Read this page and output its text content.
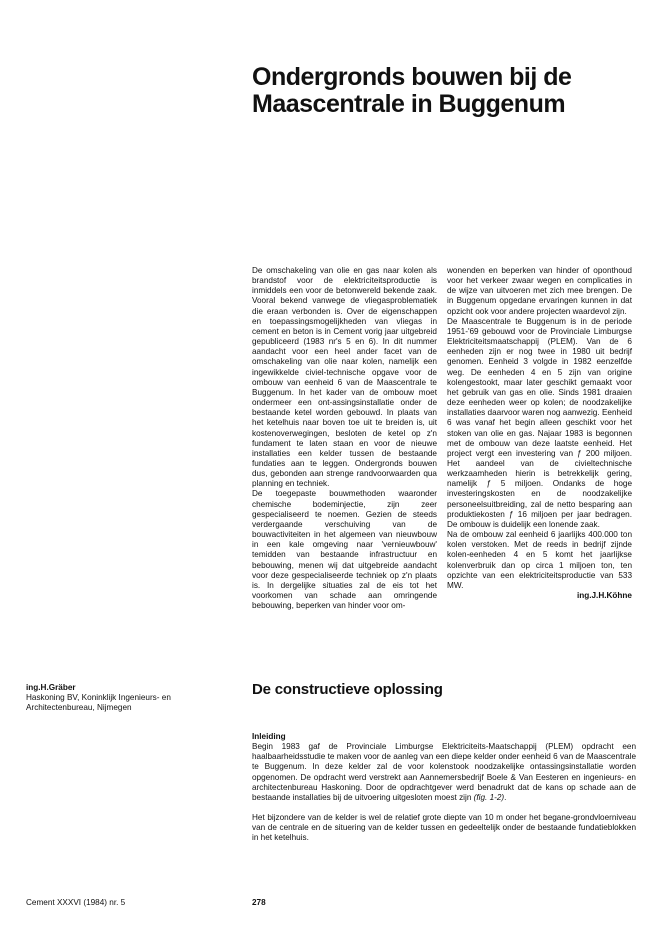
Ondergronds bouwen bij de
Maascentrale in Buggenum

De omschakeling van olie en gas naar kolen als brandstof voor de elektriciteitsproductie is inmiddels een voor de betonwereld bekende zaak. Vooral bekend vanwege de vliegasproblematiek die eraan verbonden is. Over de eigenschappen en toepassingsmogelijkheden van vliegas in cement en beton is in Cement vorig jaar uitgebreid gepubliceerd (1983 nr's 5 en 6). In dit nummer aandacht voor een heel ander facet van de omschakeling van olie naar kolen, namelijk een ingewikkelde civiel-technische opgave voor de ombouw van eenheid 6 van de Maascentrale te Buggenum. In het kader van de ombouw moet ondermeer een ont-assingsinstallatie onder de bestaande ketel worden gebouwd. In plaats van het ketelhuis naar boven toe uit te breiden is, uit kostenoverwegingen, besloten de ketel op z'n fundament te laten staan en voor de nieuwe installaties een kelder tussen de bestaande fundaties aan te leggen. Ondergronds bouwen dus, gebonden aan strenge randvoorwaarden qua planning en techniek.

De toegepaste bouwmethoden waaronder chemische bodeminjectie, zijn zeer gespecialiseerd te noemen. Gezien de steeds verdergaande verschuiving van de bouwactiviteiten in het algemeen van nieuwbouw in een kale omgeving naar 'vernieuwbouw' temidden van bestaande infrastructuur en bebouwing, menen wij dat uitgebreide aandacht voor deze gespecialiseerde techniek op z'n plaats is. In dergelijke situaties zal de eis tot het voorkomen van schade aan omringende bebouwing, beperken van hinder voor om-

wonenden en beperken van hinder of oponthoud voor het verkeer zwaar wegen en complicaties in de wijze van uitvoeren met zich mee brengen. De in Buggenum opgedane ervaringen kunnen in dat opzicht ook voor andere projecten waardevol zijn.

De Maascentrale te Buggenum is in de periode 1951-'69 gebouwd voor de Provinciale Limburgse Elektriciteitsmaatschappij (PLEM). Van de 6 eenheden zijn er nog twee in 1980 uit bedrijf genomen. Eenheid 3 volgde in 1982 eenzelfde weg. De eenheden 4 en 5 zijn van origine kolengestookt, maar later geschikt gemaakt voor het gebruik van gas en olie. Sinds 1981 draaien deze eenheden weer op kolen; de noodzakelijke installaties daarvoor waren nog aanwezig. Eenheid 6 was vanaf het begin alleen geschikt voor het stoken van olie en gas. Najaar 1983 is begonnen met de ombouw van deze laatste eenheid. Het project vergt een investering van ƒ 200 miljoen. Het aandeel van de civieltechnische werkzaamheden hierin is betrekkelijk gering, namelijk ƒ 5 miljoen. Ondanks de hoge investeringskosten en de noodzakelijke personeelsuitbreiding, zal de netto besparing aan produktiekosten ƒ 16 miljoen per jaar bedragen. De ombouw is duidelijk een lonende zaak.

Na de ombouw zal eenheid 6 jaarlijks 400.000 ton kolen verstoken. Met de reeds in bedrijf zijnde kolen-eenheden 4 en 5 komt het jaarlijkse kolenverbruik dan op circa 1 miljoen ton, ten opzichte van een elektriciteitsproductie van 533 MW.

ing.J.H.Köhne

ing.H.Gräber
Haskoning BV, Koninklijk Ingenieurs- en
Architectenbureau, Nijmegen
De constructieve oplossing
Inleiding

Begin 1983 gaf de Provinciale Limburgse Elektriciteits-Maatschappij (PLEM) opdracht een haalbaarheidsstudie te maken voor de aanleg van een diepe kelder onder eenheid 6 van de Maascentrale te Buggenum. In deze kelder zal de voor kolenstook noodzakelijke ontassingsinstallatie worden opgenomen. De opdracht werd verstrekt aan Aannemersbedrijf Boele & Van Eesteren en ingenieurs- en architectenbureau Haskoning. Door de opdrachtgever werd benadrukt dat de kans op schade aan de bestaande installaties bij de uitvoering uitgesloten moest zijn (fig. 1-2).

Het bijzondere van de kelder is wel de relatief grote diepte van 10 m onder het begane-grondvloerniveau van de centrale en de situering van de kelder tussen en gedeeltelijk onder de bestaande fundatieblokken in het ketelhuis.

Cement XXXVI (1984) nr. 5	278
